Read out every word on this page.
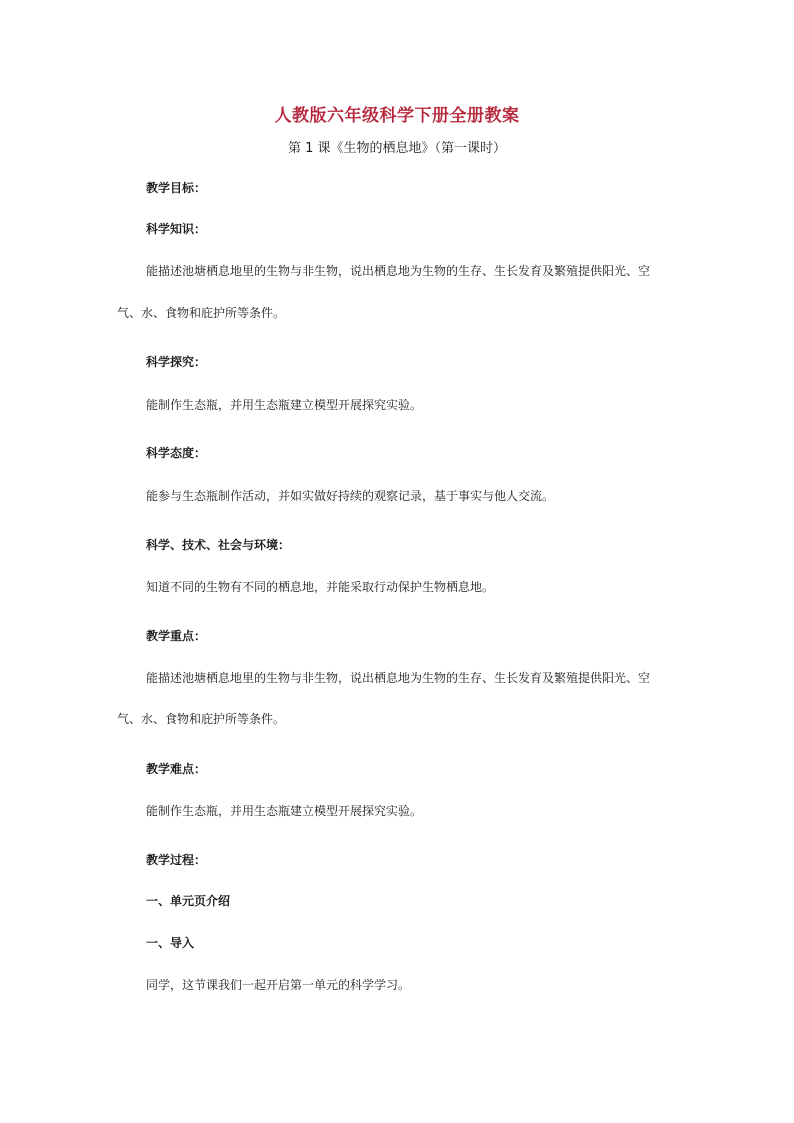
人教版六年级科学下册全册教案
第 1 课《生物的栖息地》（第一课时）
教学目标：
科学知识：
能描述池塘栖息地里的生物与非生物，说出栖息地为生物的生存、生长发育及繁殖提供阳光、空
气、水、食物和庇护所等条件。
科学探究：
能制作生态瓶，并用生态瓶建立模型开展探究实验。
科学态度：
能参与生态瓶制作活动，并如实做好持续的观察记录，基于事实与他人交流。
科学、技术、社会与环境：
知道不同的生物有不同的栖息地，并能采取行动保护生物栖息地。
教学重点：
能描述池塘栖息地里的生物与非生物，说出栖息地为生物的生存、生长发育及繁殖提供阳光、空
气、水、食物和庇护所等条件。
教学难点：
能制作生态瓶，并用生态瓶建立模型开展探究实验。
教学过程：
一、单元页介绍
一、导入
同学，这节课我们一起开启第一单元的科学学习。
